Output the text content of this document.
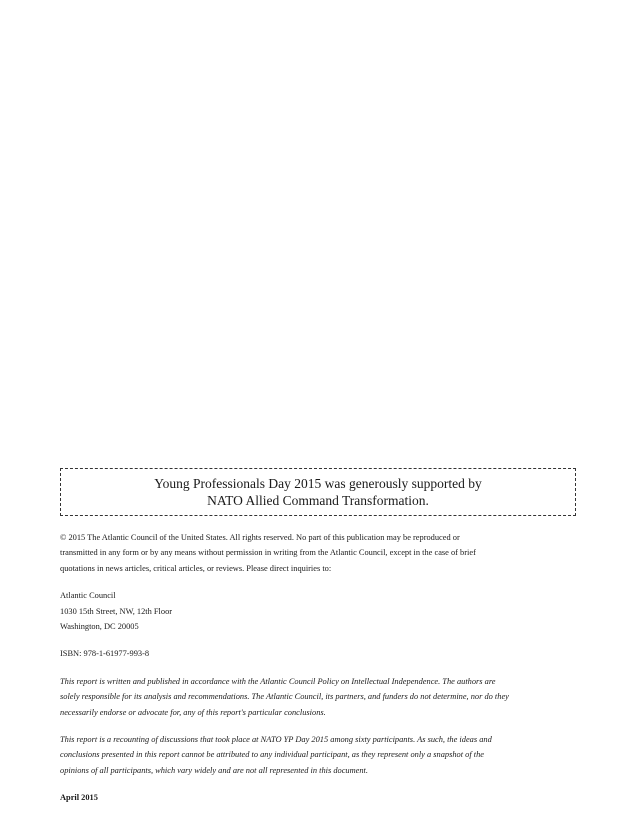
Young Professionals Day 2015 was generously supported by
NATO Allied Command Transformation.

© 2015 The Atlantic Council of the United States. All rights reserved. No part of this publication may be reproduced or
transmitted in any form or by any means without permission in writing from the Atlantic Council, except in the case of brief
quotations in news articles, critical articles, or reviews. Please direct inquiries to:

Atlantic Council
1030 15th Street, NW, 12th Floor
Washington, DC 20005

ISBN: 978-1-61977-993-8

This report is written and published in accordance with the Atlantic Council Policy on Intellectual Independence. The authors are
solely responsible for its analysis and recommendations. The Atlantic Council, its partners, and funders do not determine, nor do they
necessarily endorse or advocate for, any of this report's particular conclusions.

This report is a recounting of discussions that took place at NATO YP Day 2015 among sixty participants. As such, the ideas and
conclusions presented in this report cannot be attributed to any individual participant, as they represent only a snapshot of the
opinions of all participants, which vary widely and are not all represented in this document.

April 2015
